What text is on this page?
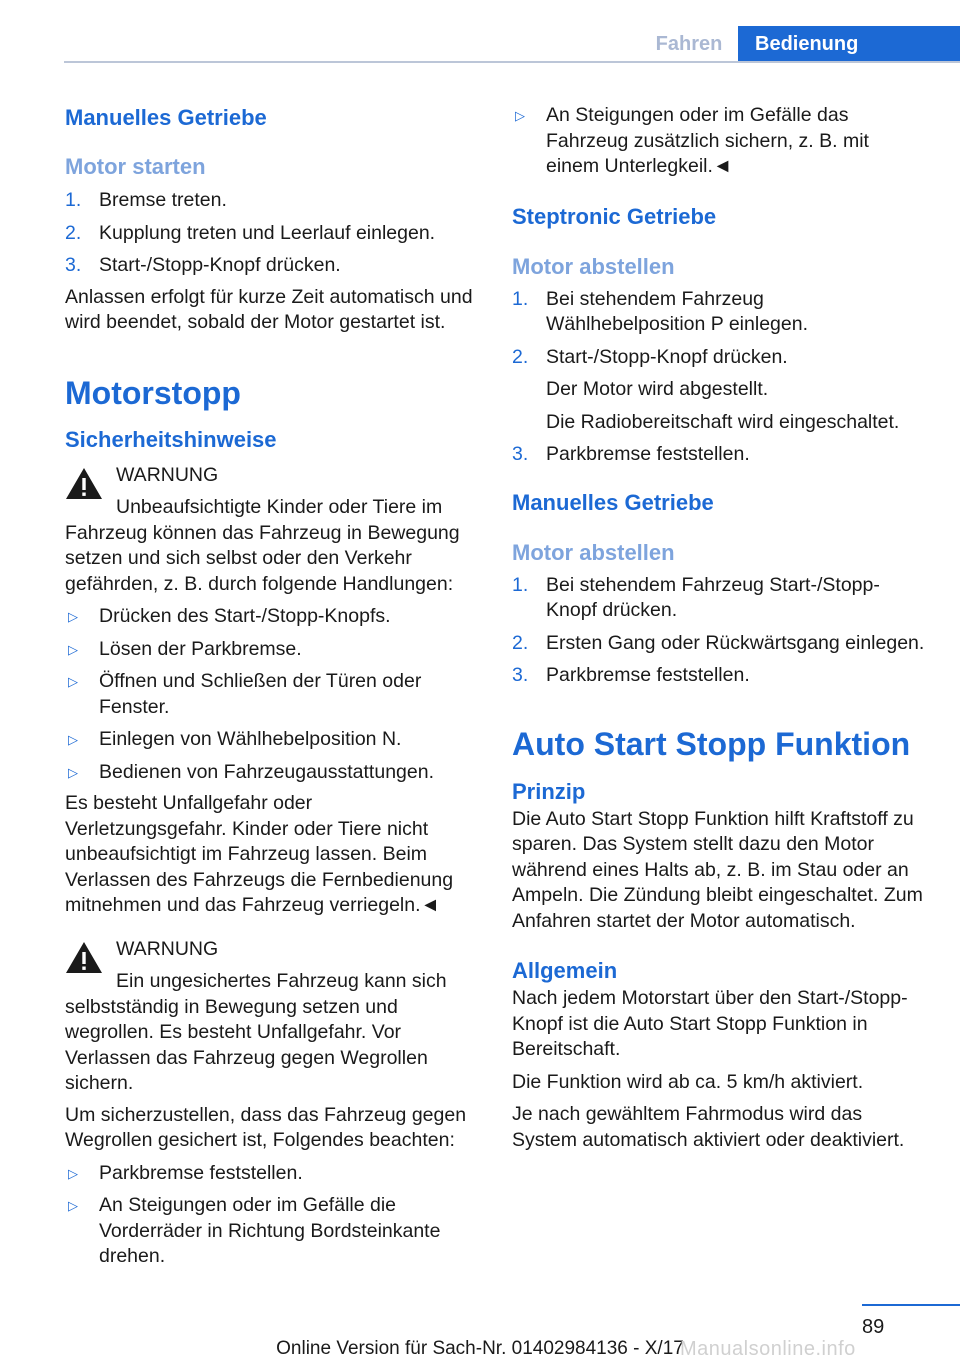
Fahren	Bedienung
Manuelles Getriebe
Motor starten
1. Bremse treten.
2. Kupplung treten und Leerlauf einlegen.
3. Start-/Stopp-Knopf drücken.
Anlassen erfolgt für kurze Zeit automatisch und wird beendet, sobald der Motor gestartet ist.
Motorstopp
Sicherheitshinweise
WARNUNG
Unbeaufsichtigte Kinder oder Tiere im
Fahrzeug können das Fahrzeug in Bewegung setzen und sich selbst oder den Verkehr gefährden, z. B. durch folgende Handlungen:
▷ Drücken des Start-/Stopp-Knopfs.
▷ Lösen der Parkbremse.
▷ Öffnen und Schließen der Türen oder Fenster.
▷ Einlegen von Wählhebelposition N.
▷ Bedienen von Fahrzeugausstattungen.
Es besteht Unfallgefahr oder Verletzungsgefahr. Kinder oder Tiere nicht unbeaufsichtigt im Fahrzeug lassen. Beim Verlassen des Fahrzeugs die Fernbedienung mitnehmen und das Fahrzeug verriegeln.◄
WARNUNG
Ein ungesichertes Fahrzeug kann sich
selbstständig in Bewegung setzen und wegrollen. Es besteht Unfallgefahr. Vor Verlassen das Fahrzeug gegen Wegrollen sichern.
Um sicherzustellen, dass das Fahrzeug gegen Wegrollen gesichert ist, Folgendes beachten:
▷ Parkbremse feststellen.
▷ An Steigungen oder im Gefälle die Vorderräder in Richtung Bordsteinkante drehen.
▷ An Steigungen oder im Gefälle das Fahrzeug zusätzlich sichern, z. B. mit einem Unterlegkeil.◄
Steptronic Getriebe
Motor abstellen
1. Bei stehendem Fahrzeug Wählhebelposition P einlegen.
2. Start-/Stopp-Knopf drücken.
Der Motor wird abgestellt.
Die Radiobereitschaft wird eingeschaltet.
3. Parkbremse feststellen.
Manuelles Getriebe
Motor abstellen
1. Bei stehendem Fahrzeug Start-/Stopp-Knopf drücken.
2. Ersten Gang oder Rückwärtsgang einlegen.
3. Parkbremse feststellen.
Auto Start Stopp Funktion
Prinzip
Die Auto Start Stopp Funktion hilft Kraftstoff zu sparen. Das System stellt dazu den Motor während eines Halts ab, z. B. im Stau oder an Ampeln. Die Zündung bleibt eingeschaltet. Zum Anfahren startet der Motor automatisch.
Allgemein
Nach jedem Motorstart über den Start-/Stopp-Knopf ist die Auto Start Stopp Funktion in Bereitschaft.
Die Funktion wird ab ca. 5 km/h aktiviert.
Je nach gewähltem Fahrmodus wird das System automatisch aktiviert oder deaktiviert.
89
Online Version für Sach-Nr. 01402984136 - X/17
Manualsonline.info
